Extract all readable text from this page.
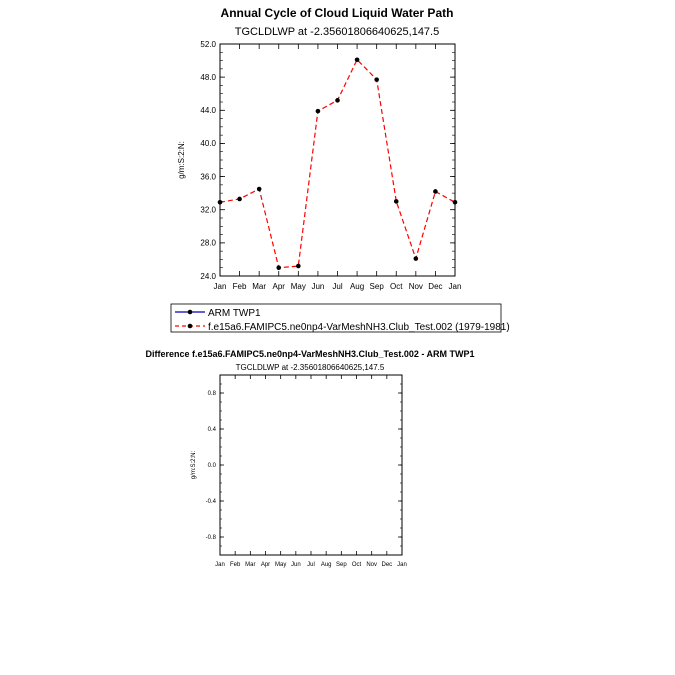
Annual Cycle of Cloud Liquid Water Path
TGCLDLWP at -2.35601806640625,147.5
g/m:S:2:N:
Jan Feb Mar Apr May Jun Jul Aug Sep Oct Nov Dec Jan
24.0
28.0
32.0
36.0
40.0
44.0
48.0
52.0
ARM TWP1
f.e15a6.FAMIPC5.ne0np4-VarMeshNH3.Club_Test.002 (1979-1981)
Difference f.e15a6.FAMIPC5.ne0np4-VarMeshNH3.Club_Test.002 - ARM TWP1
TGCLDLWP at -2.35601806640625,147.5
g/m:S:2:N:
Jan Feb Mar Apr May Jun Jul Aug Sep Oct Nov Dec Jan
-0.8
-0.4
0.0
0.4
0.8
